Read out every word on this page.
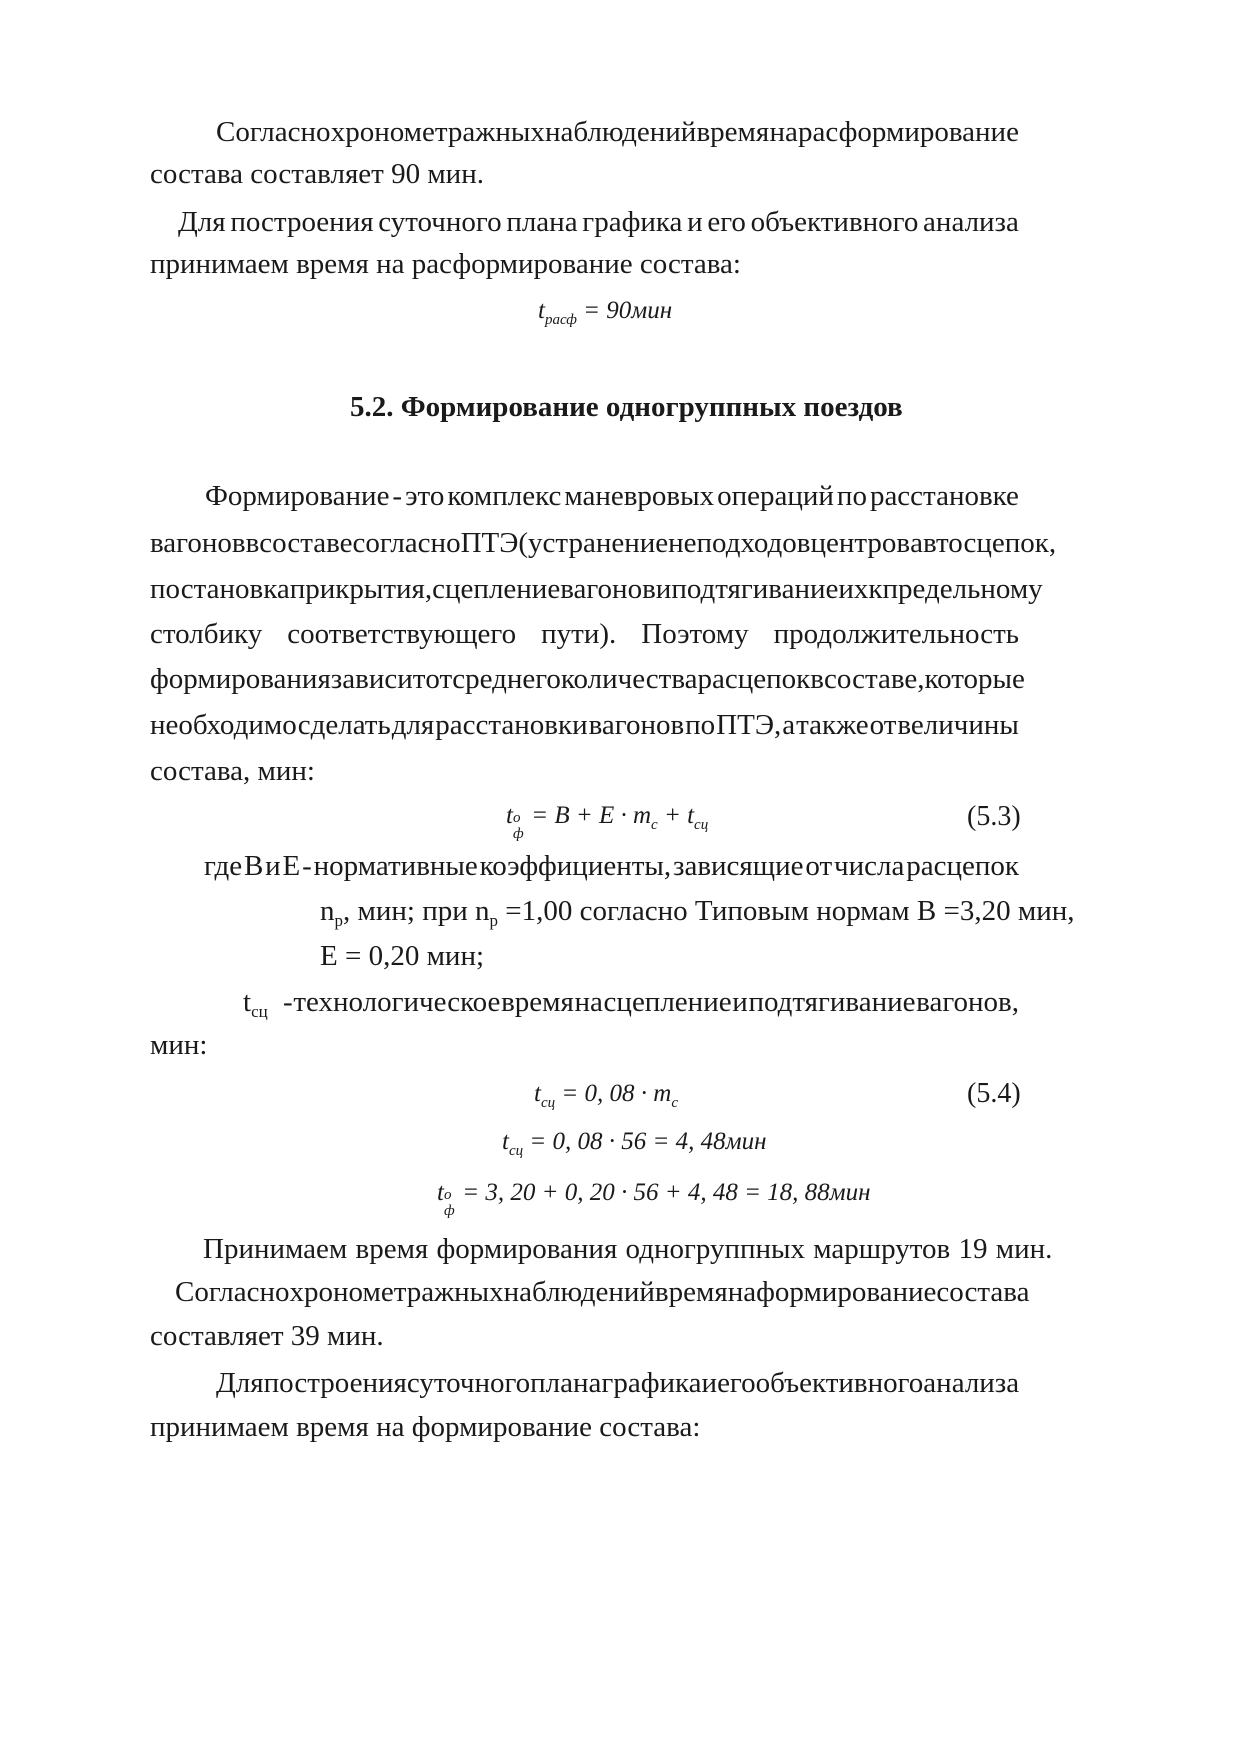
Согласно хронометражных наблюдений время на расформирование
состава составляет 90 мин.
Для построения суточного плана графика и его объективного анализа
принимаем время на расформирование состава:
$t_{расф} = 90мин$
5.2. Формирование одногруппных поездов
Формирование - это комплекс маневровых операций по расстановке
вагонов в составе согласно ПТЭ (устранение неподходов центров автосцепок,
постановка прикрытия, сцепление вагонов и подтягивание их к предельному
столбику соответствующего пути). Поэтому продолжительность
формирования зависит от среднего количества расцепок в составе, которые
необходимо сделать для расстановки вагонов по ПТЭ, а также от величины
состава, мин:
t o
ф
= $B + E \cdot m_c + t_{сц}$	(5.3)
где В и Е - нормативные коэффициенты, зависящие от числа расцепок
$n_р$, мин; при $n_р =1,00$ согласно Типовым нормам В =3,20 мин,
Е = 0,20 мин;
$t_{сц}$ - технологическое время на сцепление и подтягивание вагонов,
мин:
$t_{сц} = 0$, $08 \cdot m_c$	(5.4)
$t_{сц} = 0$, 08 · 56 = 4, 48мин
t o
ф
= 3, 20 + 0, 20 · 56 + 4, 48 = 18, 88мин
Принимаем время формирования одногруппных маршрутов 19 мин.
Согласно хронометражных наблюдений время на формирование состава
составляет 39 мин.
Для построения суточного плана графика и его объективного анализа
принимаем время на формирование состава:
